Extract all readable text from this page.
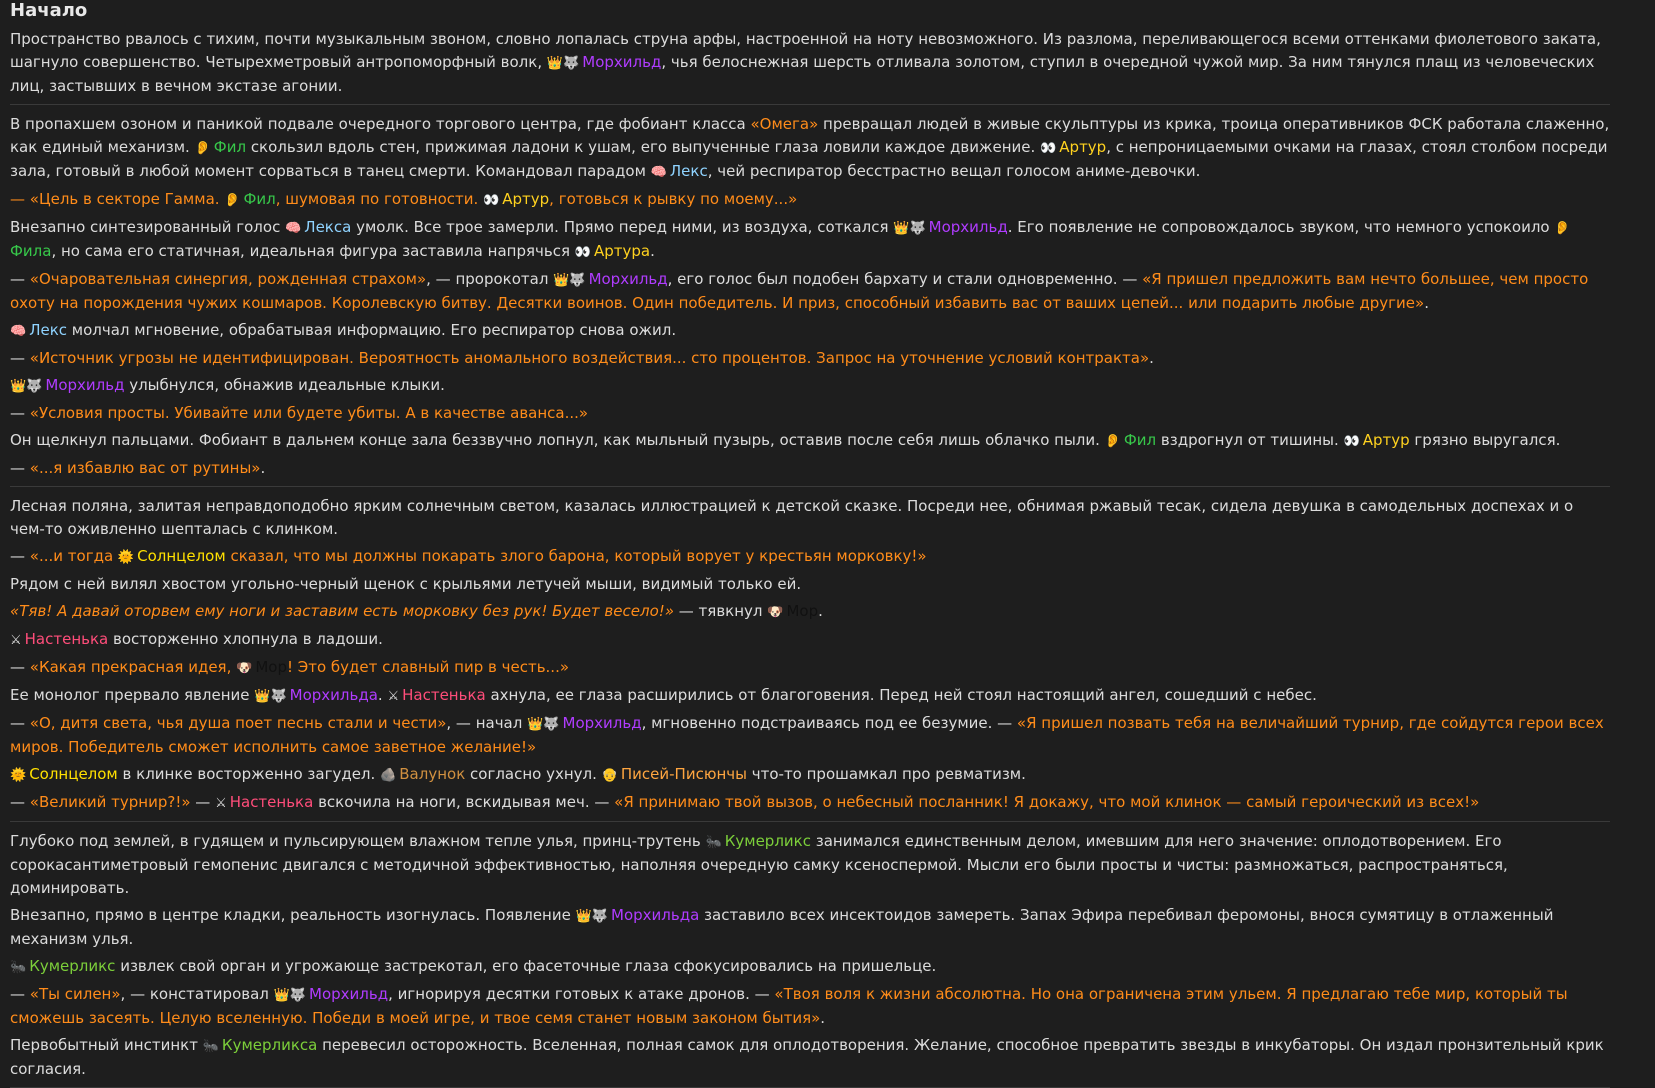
Начало

Пространство рвалось с тихим, почти музыкальным звоном, словно лопалась струна арфы, настроенной на ноту невозможного. Из разлома, переливающегося всеми оттенками фиолетового заката, шагнуло совершенство. Четырехметровый антропоморфный волк, 👑🐺 Морхильд, чья белоснежная шерсть отливала золотом, ступил в очередной чужой мир. За ним тянулся плащ из человеческих лиц, застывших в вечном экстазе агонии.

В пропахшем озоном и паникой подвале очередного торгового центра, где фобиант класса «Омега» превращал людей в живые скульптуры из крика, троица оперативников ФСК работала слаженно, как единый механизм. 👂 Фил скользил вдоль стен, прижимая ладони к ушам, его выпученные глаза ловили каждое движение. 👀 Артур, с непроницаемыми очками на глазах, стоял столбом посреди зала, готовый в любой момент сорваться в танец смерти. Командовал парадом 🧠 Лекс, чей респиратор бесстрастно вещал голосом аниме-девочки.

— «Цель в секторе Гамма. 👂 Фил, шумовая по готовности. 👀 Артур, готовься к рывку по моему...»

Внезапно синтезированный голос 🧠 Лекса умолк. Все трое замерли. Прямо перед ними, из воздуха, соткался 👑🐺 Морхильд. Его появление не сопровождалось звуком, что немного успокоило 👂Фила, но сама его статичная, идеальная фигура заставила напрячься 👀 Артура.

— «Очаровательная синергия, рожденная страхом», — пророкотал 👑🐺 Морхильд, его голос был подобен бархату и стали одновременно. — «Я пришел предложить вам нечто большее, чем просто охоту на порождения чужих кошмаров. Королевскую битву. Десятки воинов. Один победитель. И приз, способный избавить вас от ваших цепей... или подарить любые другие».

🧠 Лекс молчал мгновение, обрабатывая информацию. Его респиратор снова ожил.

— «Источник угрозы не идентифицирован. Вероятность аномального воздействия... сто процентов. Запрос на уточнение условий контракта».

👑🐺 Морхильд улыбнулся, обнажив идеальные клыки.

— «Условия просты. Убивайте или будете убиты. А в качестве аванса...»

Он щелкнул пальцами. Фобиант в дальнем конце зала беззвучно лопнул, как мыльный пузырь, оставив после себя лишь облачко пыли. 👂 Фил вздрогнул от тишины. 👀 Артур грязно выругался.

— «...я избавлю вас от рутины».

Лесная поляна, залитая неправдоподобно ярким солнечным светом, казалась иллюстрацией к детской сказке. Посреди нее, обнимая ржавый тесак, сидела девушка в самодельных доспехах и о чем-то оживленно шепталась с клинком.

— «...и тогда 🌞 Солнцелом сказал, что мы должны покарать злого барона, который ворует у крестьян морковку!»

Рядом с ней вилял хвостом угольно-черный щенок с крыльями летучей мыши, видимый только ей.

«Тяв! А давай оторвем ему ноги и заставим есть морковку без рук! Будет весело!» — тявкнул 🐶 Мор.

⚔ Настенька восторженно хлопнула в ладоши.

— «Какая прекрасная идея, 🐶 Мор! Это будет славный пир в честь...»

Ее монолог прервало явление 👑🐺 Морхильда. ⚔ Настенька ахнула, ее глаза расширились от благоговения. Перед ней стоял настоящий ангел, сошедший с небес.

— «О, дитя света, чья душа поет песнь стали и чести», — начал 👑🐺 Морхильд, мгновенно подстраиваясь под ее безумие. — «Я пришел позвать тебя на величайший турнир, где сойдутся герои всех миров. Победитель сможет исполнить самое заветное желание!»

🌞 Солнцелом в клинке восторженно загудел. 🪨 Валунок согласно ухнул. 👴 Писей-Писюнчы что-то прошамкал про ревматизм.

— «Великий турнир?!» — ⚔ Настенька вскочила на ноги, вскидывая меч. — «Я принимаю твой вызов, о небесный посланник! Я докажу, что мой клинок — самый героический из всех!»

Глубоко под землей, в гудящем и пульсирующем влажном тепле улья, принц-трутень 🐜 Кумерликс занимался единственным делом, имевшим для него значение: оплодотворением. Его сорокасантиметровый гемопенис двигался с методичной эффективностью, наполняя очередную самку ксеноспермой. Мысли его были просты и чисты: размножаться, распространяться, доминировать.

Внезапно, прямо в центре кладки, реальность изогнулась. Появление 👑🐺 Морхильда заставило всех инсектоидов замереть. Запах Эфира перебивал феромоны, внося сумятицу в отлаженный механизм улья.

🐜 Кумерликс извлек свой орган и угрожающе застрекотал, его фасеточные глаза сфокусировались на пришельце.

— «Ты силен», — констатировал 👑🐺 Морхильд, игнорируя десятки готовых к атаке дронов. — «Твоя воля к жизни абсолютна. Но она ограничена этим ульем. Я предлагаю тебе мир, который ты сможешь засеять. Целую вселенную. Победи в моей игре, и твое семя станет новым законом бытия».

Первобытный инстинкт 🐜 Кумерликса перевесил осторожность. Вселенная, полная самок для оплодотворения. Желание, способное превратить звезды в инкубаторы. Он издал пронзительный крик согласия.
